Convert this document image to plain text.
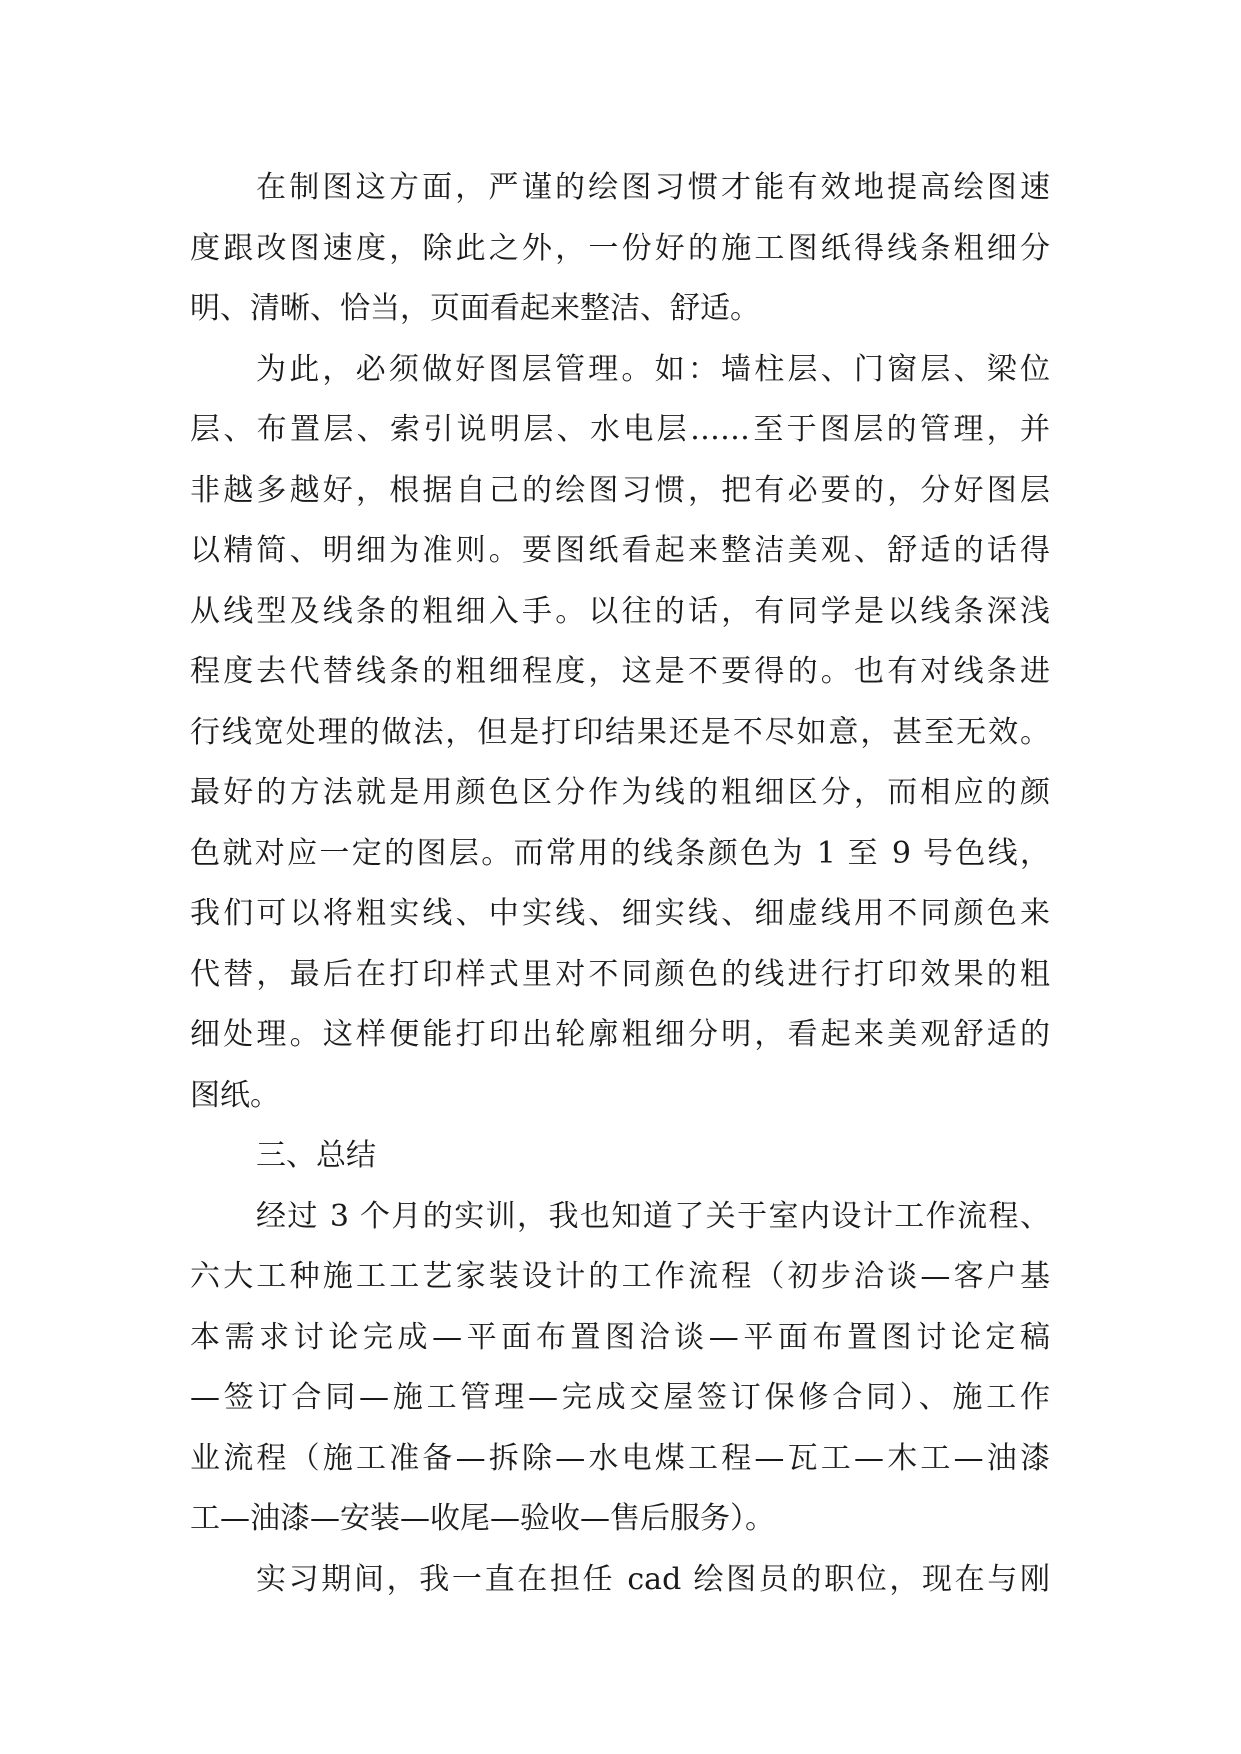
在制图这方面，严谨的绘图习惯才能有效地提高绘图速
度跟改图速度，除此之外，一份好的施工图纸得线条粗细分
明、清晰、恰当，页面看起来整洁、舒适。
为此，必须做好图层管理。如：墙柱层、门窗层、梁位
层、布置层、索引说明层、水电层……至于图层的管理，并
非越多越好，根据自己的绘图习惯，把有必要的，分好图层
以精简、明细为准则。要图纸看起来整洁美观、舒适的话得
从线型及线条的粗细入手。以往的话，有同学是以线条深浅
程度去代替线条的粗细程度，这是不要得的。也有对线条进
行线宽处理的做法，但是打印结果还是不尽如意，甚至无效。
最好的方法就是用颜色区分作为线的粗细区分，而相应的颜
色就对应一定的图层。而常用的线条颜色为 1 至 9 号色线，
我们可以将粗实线、中实线、细实线、细虚线用不同颜色来
代替，最后在打印样式里对不同颜色的线进行打印效果的粗
细处理。这样便能打印出轮廓粗细分明，看起来美观舒适的
图纸。
三、总结
经过 3 个月的实训，我也知道了关于室内设计工作流程、
六大工种施工工艺家装设计的工作流程（初步洽谈—客户基
本需求讨论完成—平面布置图洽谈—平面布置图讨论定稿
—签订合同—施工管理—完成交屋签订保修合同）、施工作
业流程（施工准备—拆除—水电煤工程—瓦工—木工—油漆
工—油漆—安装—收尾—验收—售后服务）。
实习期间，我一直在担任 cad 绘图员的职位，现在与刚
